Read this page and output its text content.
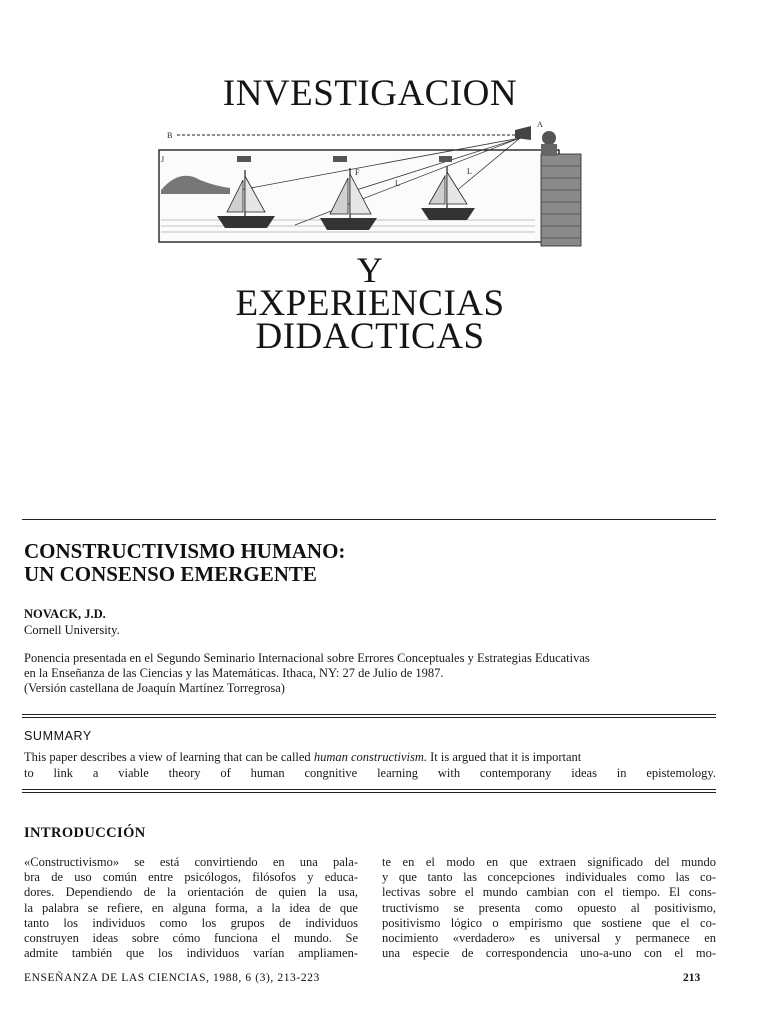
INVESTIGACION
B
A
F
L
L
J
Y
EXPERIENCIAS
DIDACTICAS
CONSTRUCTIVISMO HUMANO:
UN CONSENSO EMERGENTE
NOVACK, J.D.
Cornell University.
Ponencia presentada en el Segundo Seminario Internacional sobre Errores Conceptuales y Estrategias Educativas
en la Enseñanza de las Ciencias y las Matemáticas. Ithaca, NY: 27 de Julio de 1987.
(Versión castellana de Joaquín Martínez Torregrosa)
SUMMARY
This paper describes a view of learning that can be called human constructivism. It is argued that it is important
to link a viable theory of human congnitive learning with contemporany ideas in epistemology.
INTRODUCCIÓN
«Constructivismo» se está convirtiendo en una pala-
bra de uso común entre psicólogos, filósofos y educa-
dores. Dependiendo de la orientación de quien la usa,
la palabra se refiere, en alguna forma, a la idea de que
tanto los individuos como los grupos de individuos
construyen ideas sobre cómo funciona el mundo. Se
admite también que los individuos varían ampliamen-
te en el modo en que extraen significado del mundo
y que tanto las concepciones individuales como las co-
lectivas sobre el mundo cambian con el tiempo. El cons-
tructivismo se presenta como opuesto al positivismo,
positivismo lógico o empirismo que sostiene que el co-
nocimiento «verdadero» es universal y permanece en
una especie de correspondencia uno-a-uno con el mo-
ENSEÑANZA DE LAS CIENCIAS, 1988, 6 (3), 213-223	213
